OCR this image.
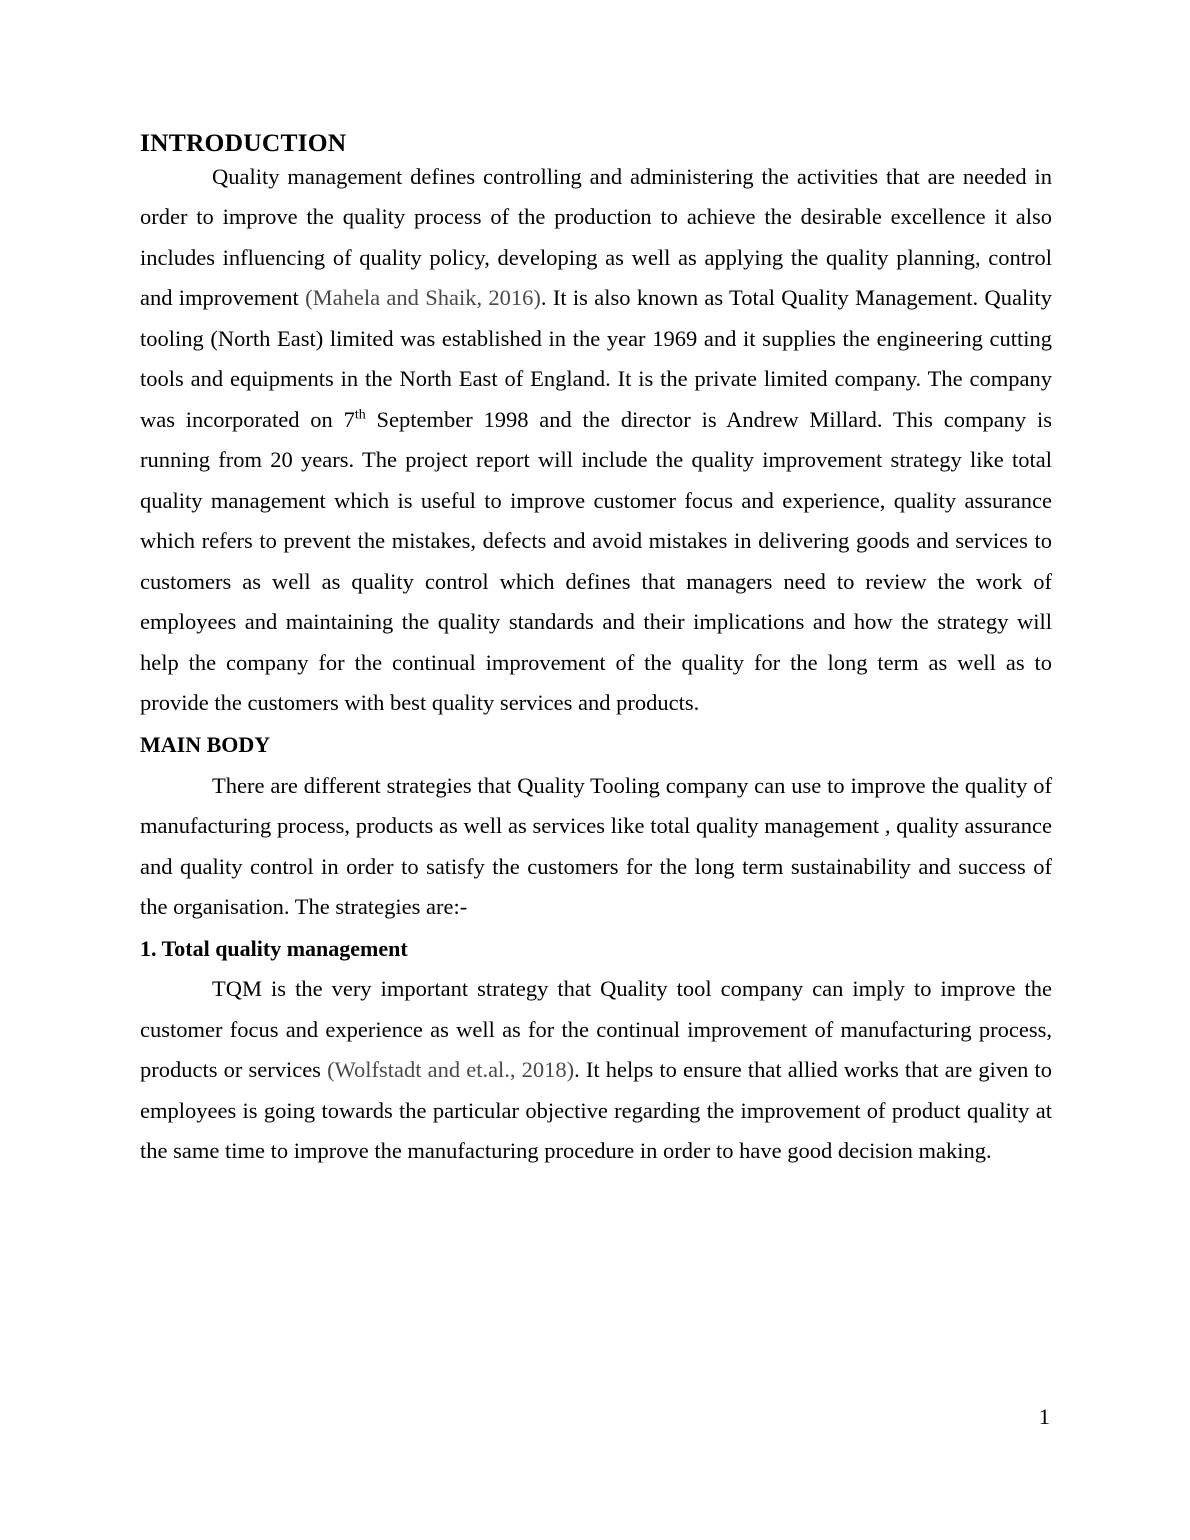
INTRODUCTION

Quality management defines controlling and administering the activities that are needed in order to improve the quality process of the production to achieve the desirable excellence it also includes influencing of quality policy, developing as well as applying the quality planning, control and improvement (Mahela and Shaik, 2016). It is also known as Total Quality Management. Quality tooling (North East) limited was established in the year 1969 and it supplies the engineering cutting tools and equipments in the North East of England. It is the private limited company. The company was incorporated on 7th September 1998 and the director is Andrew Millard. This company is running from 20 years. The project report will include the quality improvement strategy like total quality management which is useful to improve customer focus and experience, quality assurance which refers to prevent the mistakes, defects and avoid mistakes in delivering goods and services to customers as well as quality control which defines that managers need to review the work of employees and maintaining the quality standards and their implications and how the strategy will help the company for the continual improvement of the quality for the long term as well as to provide the customers with best quality services and products.

MAIN BODY

There are different strategies that Quality Tooling company can use to improve the quality of manufacturing process, products as well as services like total quality management , quality assurance and quality control in order to satisfy the customers for the long term sustainability and success of the organisation. The strategies are:-

1. Total quality management

TQM is the very important strategy that Quality tool company can imply to improve the customer focus and experience as well as for the continual improvement of manufacturing process, products or services (Wolfstadt and et.al., 2018). It helps to ensure that allied works that are given to employees is going towards the particular objective regarding the improvement of product quality at the same time to improve the manufacturing procedure in order to have good decision making.

1
